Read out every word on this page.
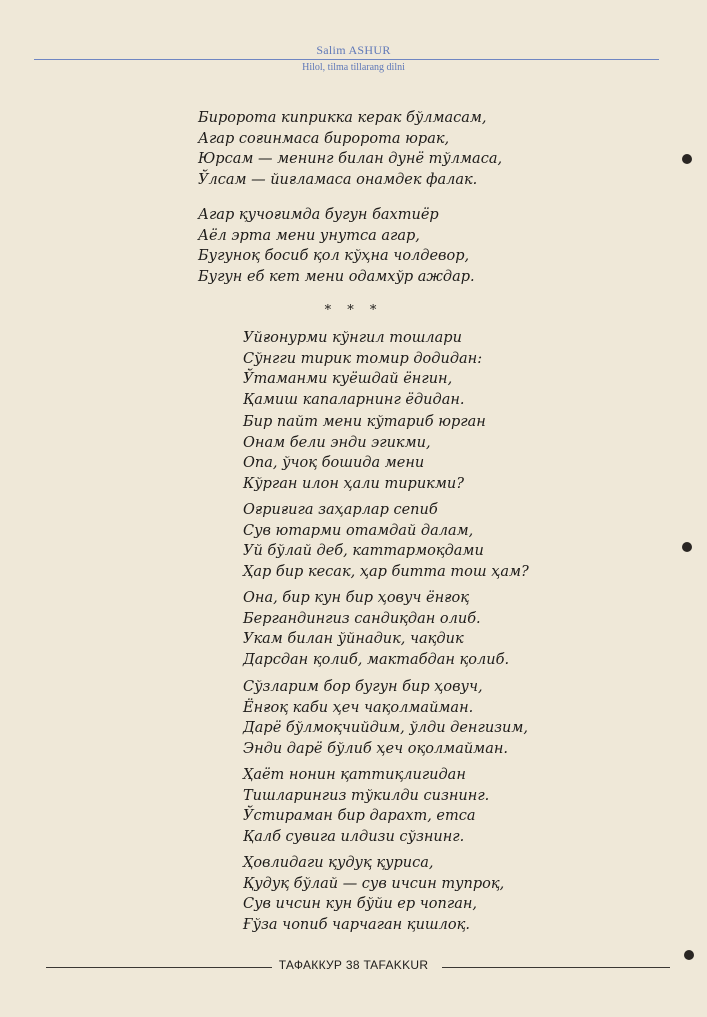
Salim ASHUR
Hilol, tilma tillarang dilni
Биророта киприкка керак бўлмасам,
Агар соғинмаса биророта юрак,
Юрсам — менинг билан дунё тўлмаса,
Ўлсам — йиғламаса онамдек фалак.
Агар қучоғимда бугун бахтиёр
Аёл эрта мени унутса агар,
Бугуноқ босиб қол кўҳна чолдевор,
Бугун еб кет мени одамхўр аждар.
* * *
Уйғонурми кўнгил тошлари
Сўнгги тирик томир додидан:
Ўтаманми куёшдай ёнгин,
Қамиш капаларнинг ёдидан.
Бир пайт мени кўтариб юрган
Онам бели энди эгикми,
Опа, ўчоқ бошида мени
Кўрган илон ҳали тирикми?
Оғриғига заҳарлар сепиб
Сув ютарми отамдай далам,
Уй бўлай деб, каттармоқдами
Ҳар бир кесак, ҳар битта тош ҳам?
Она, бир кун бир ҳовуч ёнғоқ
Бергандингиз сандиқдан олиб.
Укам билан ўйнадик, чақдик
Дарсдан қолиб, мактабдан қолиб.
Сўзларим бор бугун бир ҳовуч,
Ёнғоқ каби ҳеч чақолмайман.
Дарё бўлмоқчийдим, ўлди денгизим,
Энди дарё бўлиб ҳеч оқолмайман.
Ҳаёт нонин қаттиқлигидан
Тишларингиз тўкилди сизнинг.
Ўстираман бир дарахт, етса
Қалб сувига илдизи сўзнинг.
Ҳовлидаги қудуқ қуриса,
Қудуқ бўлай — сув ичсин тупроқ,
Сув ичсин кун бўйи ер чопган,
Ғўза чопиб чарчаган қишлоқ.
ТАФАККУР 38 TAFAKKUR
